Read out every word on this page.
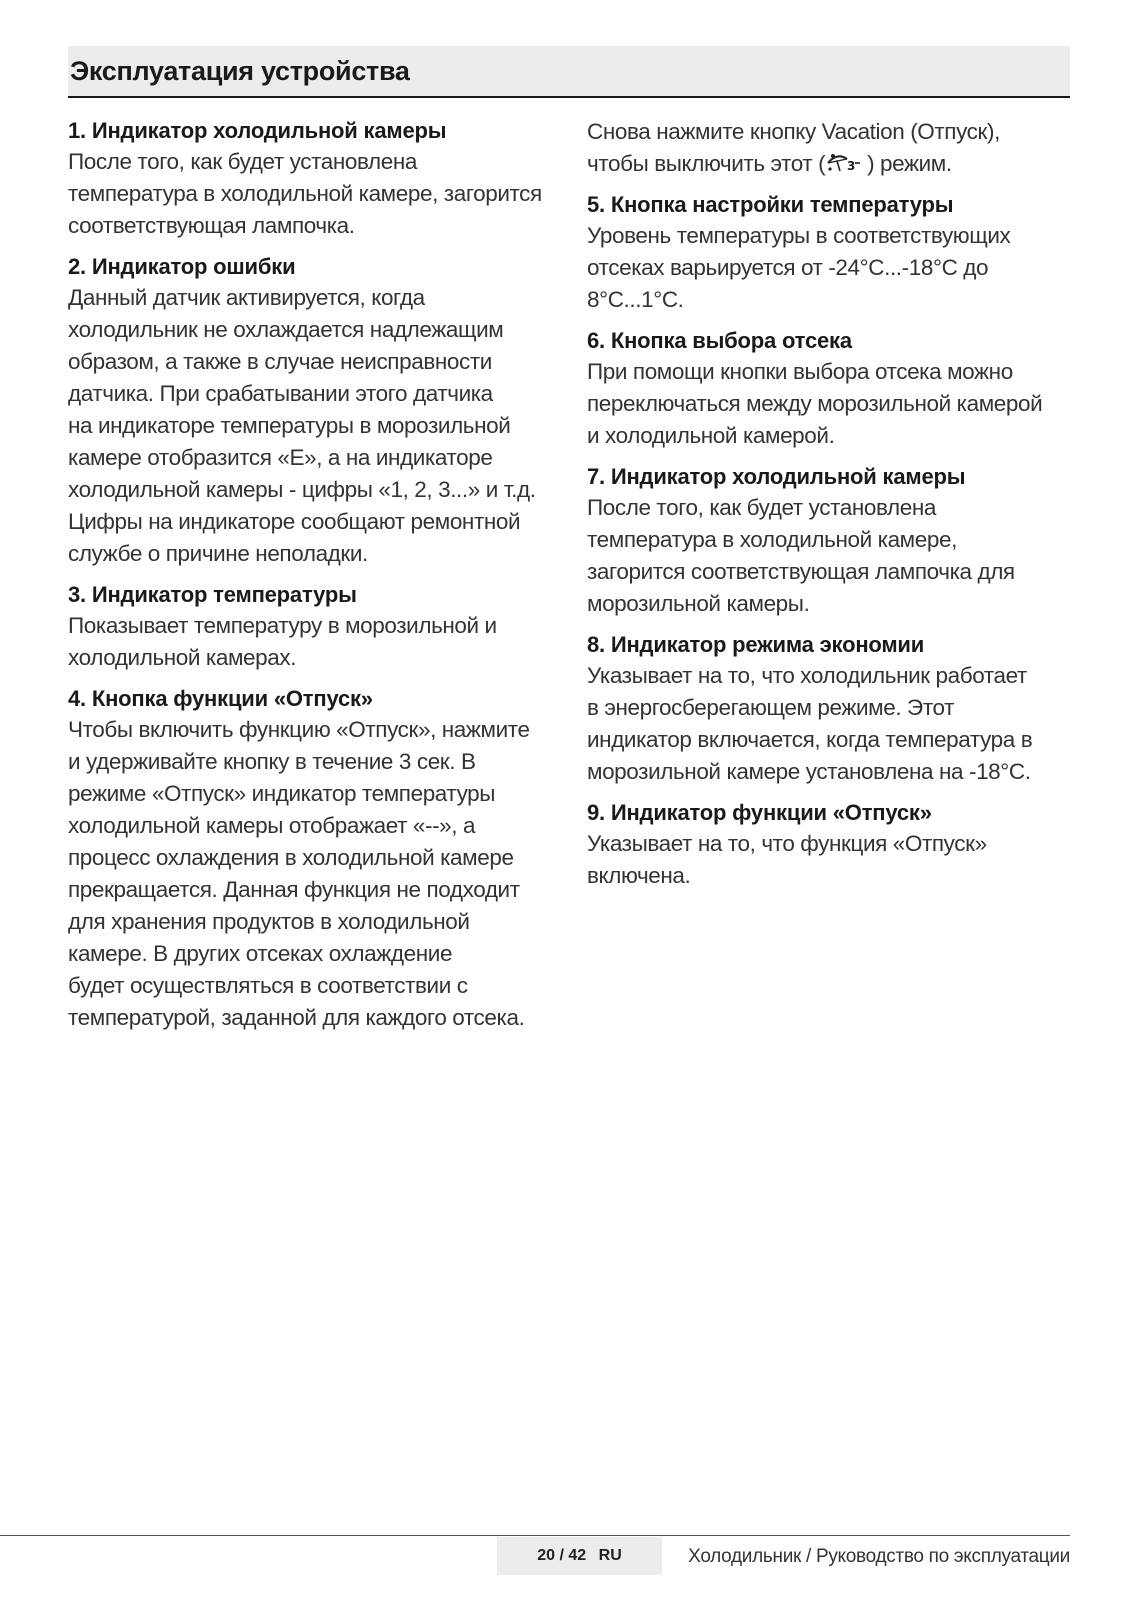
Эксплуатация устройства
1. Индикатор холодильной камеры
После того, как будет установлена
температура в холодильной камере, загорится
соответствующая лампочка.
2. Индикатор ошибки
Данный датчик активируется, когда
холодильник не охлаждается надлежащим
образом, а также в случае неисправности
датчика. При срабатывании этого датчика
на индикаторе температуры в морозильной
камере отобразится «Е», а на индикаторе
холодильной камеры - цифры «1, 2, 3...» и т.д.
Цифры на индикаторе сообщают ремонтной
службе о причине неполадки.
3. Индикатор температуры
Показывает температуру в морозильной и
холодильной камерах.
4. Кнопка функции «Отпуск»
Чтобы включить функцию «Отпуск», нажмите
и удерживайте кнопку в течение 3 сек. В
режиме «Отпуск» индикатор температуры
холодильной камеры отображает «--», а
процесс охлаждения в холодильной камере
прекращается. Данная функция не подходит
для хранения продуктов в холодильной
камере. В других отсеках охлаждение
будет осуществляться в соответствии с
температурой, заданной для каждого отсека.
Снова нажмите кнопку Vacation (Отпуск),
чтобы выключить этот ( 3 ) режим.
5. Кнопка настройки температуры
Уровень температуры в соответствующих
отсеках варьируется от -24°C...-18°C до
8°C...1°C.
6. Кнопка выбора отсека
При помощи кнопки выбора отсека можно
переключаться между морозильной камерой
и холодильной камерой.
7. Индикатор холодильной камеры
После того, как будет установлена
температура в холодильной камере,
загорится соответствующая лампочка для
морозильной камеры.
8. Индикатор режима экономии
Указывает на то, что холодильник работает
в энергосберегающем режиме. Этот
индикатор включается, когда температура в
морозильной камере установлена на -18°C.
9. Индикатор функции «Отпуск»
Указывает на то, что функция «Отпуск»
включена.
20 / 42 RU	Холодильник / Руководство по эксплуатации
